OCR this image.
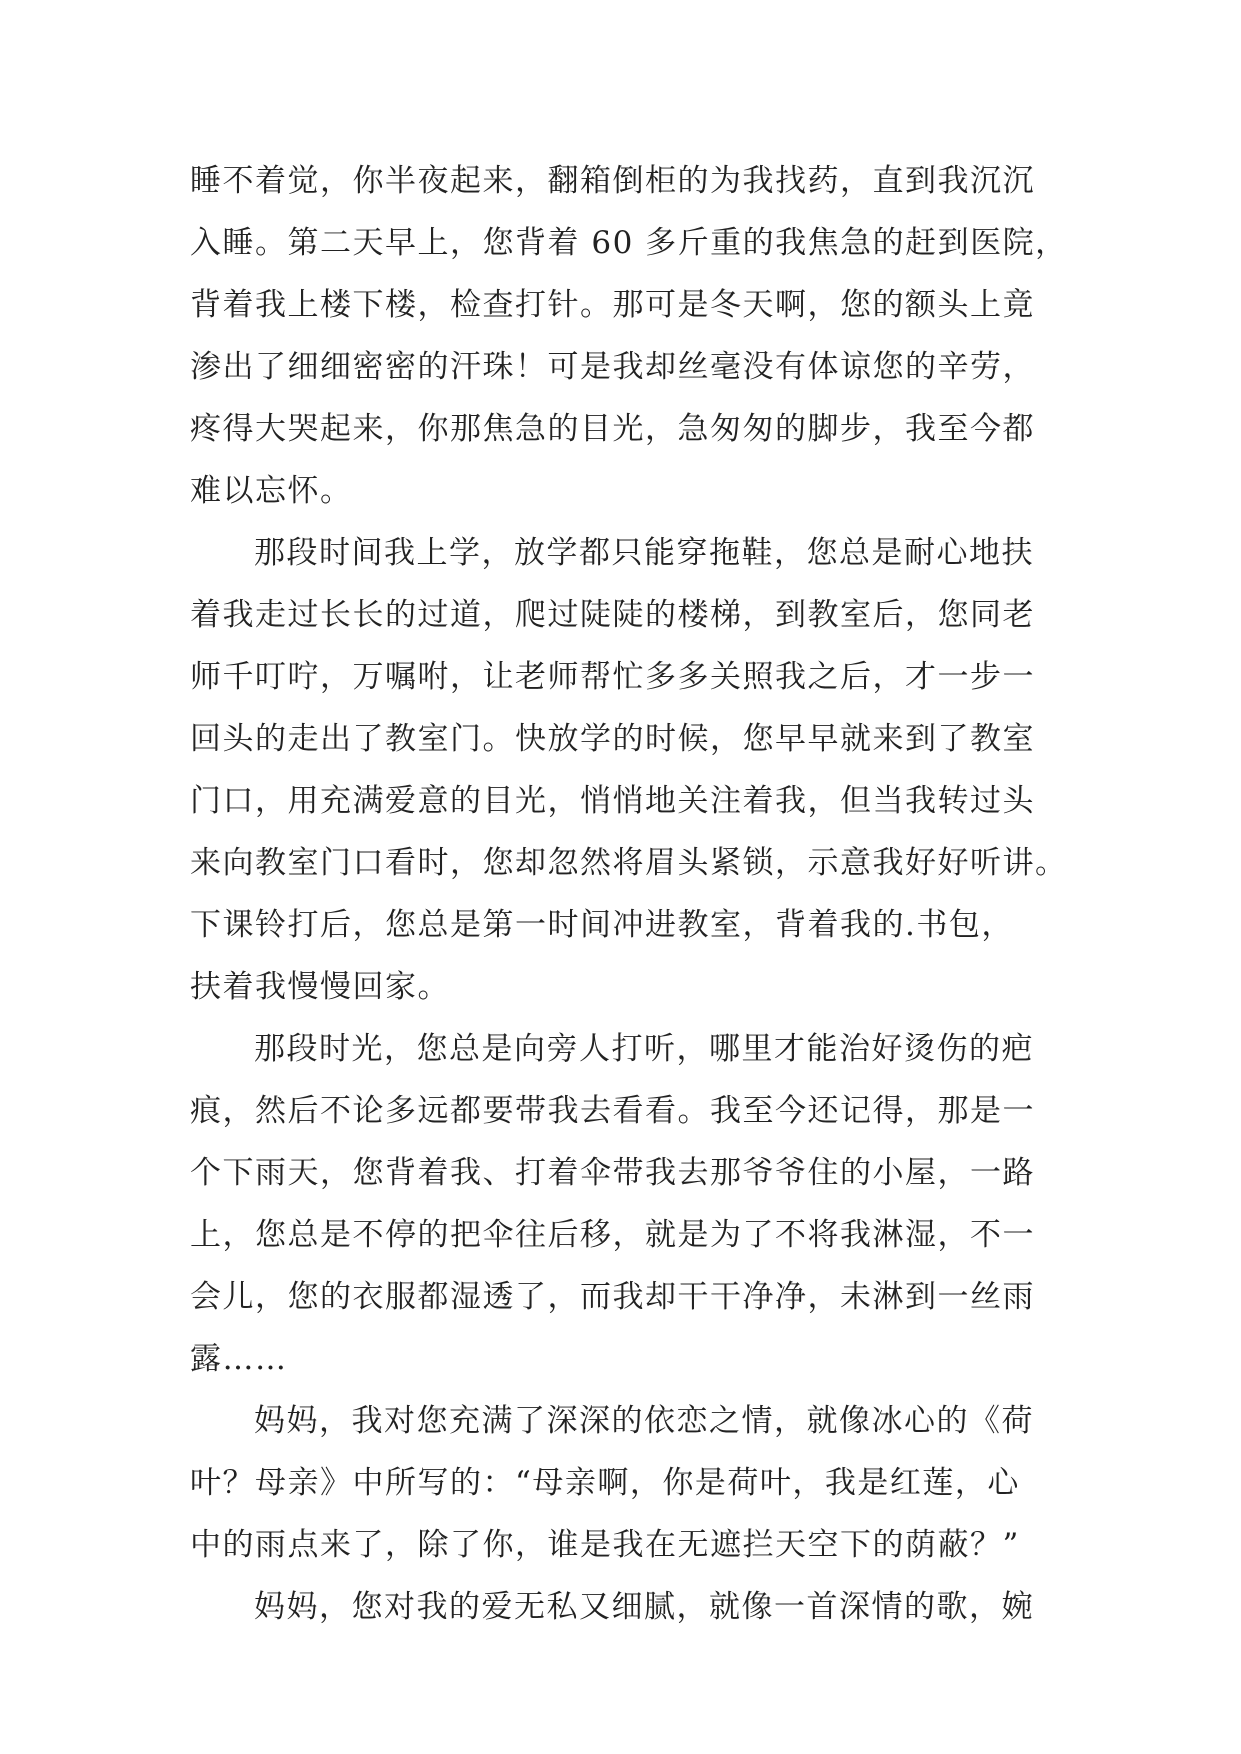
睡不着觉，你半夜起来，翻箱倒柜的为我找药，直到我沉沉
入睡。第二天早上，您背着 60 多斤重的我焦急的赶到医院，
背着我上楼下楼，检查打针。那可是冬天啊，您的额头上竟
渗出了细细密密的汗珠！可是我却丝毫没有体谅您的辛劳，
疼得大哭起来，你那焦急的目光，急匆匆的脚步，我至今都
难以忘怀。
那段时间我上学，放学都只能穿拖鞋，您总是耐心地扶
着我走过长长的过道，爬过陡陡的楼梯，到教室后，您同老
师千叮咛，万嘱咐，让老师帮忙多多关照我之后，才一步一
回头的走出了教室门。快放学的时候，您早早就来到了教室
门口，用充满爱意的目光，悄悄地关注着我，但当我转过头
来向教室门口看时，您却忽然将眉头紧锁，示意我好好听讲。
下课铃打后，您总是第一时间冲进教室，背着我的.书包，
扶着我慢慢回家。
那段时光，您总是向旁人打听，哪里才能治好烫伤的疤
痕，然后不论多远都要带我去看看。我至今还记得，那是一
个下雨天，您背着我、打着伞带我去那爷爷住的小屋，一路
上，您总是不停的把伞往后移，就是为了不将我淋湿，不一
会儿，您的衣服都湿透了，而我却干干净净，未淋到一丝雨
露……
妈妈，我对您充满了深深的依恋之情，就像冰心的《荷
叶？母亲》中所写的：“母亲啊，你是荷叶，我是红莲，心
中的雨点来了，除了你，谁是我在无遮拦天空下的荫蔽？”
妈妈，您对我的爱无私又细腻，就像一首深情的歌，婉
